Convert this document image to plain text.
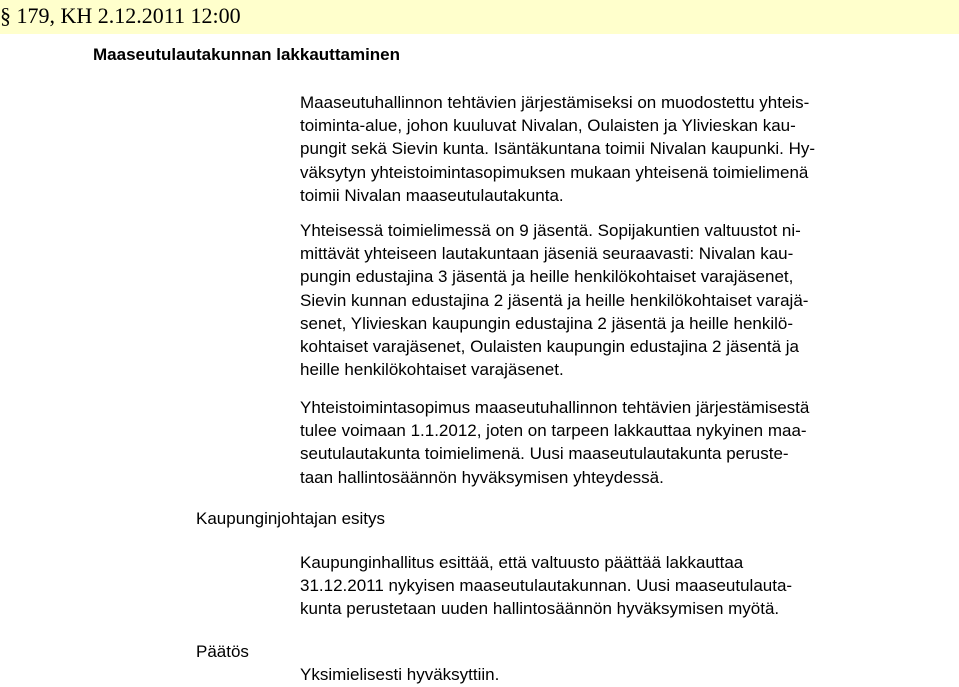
§ 179, KH 2.12.2011 12:00
Maaseutulautakunnan lakkauttaminen

Maaseutuhallinnon tehtävien järjestämiseksi on muodostettu yhteis-
toiminta-alue, johon kuuluvat Nivalan, Oulaisten ja Ylivieskan kau-
pungit sekä Sievin kunta. Isäntäkuntana toimii Nivalan kaupunki. Hy-
väksytyn yhteistoimintasopimuksen mukaan yhteisenä toimielimenä
toimii Nivalan maaseutulautakunta.

Yhteisessä toimielimessä on 9 jäsentä. Sopijakuntien valtuustot ni-
mittävät yhteiseen lautakuntaan jäseniä seuraavasti: Nivalan kau-
pungin edustajina 3 jäsentä ja heille henkilökohtaiset varajäsenet,
Sievin kunnan edustajina 2 jäsentä ja heille henkilökohtaiset varajä-
senet, Ylivieskan kaupungin edustajina 2 jäsentä ja heille henkilö-
kohtaiset varajäsenet, Oulaisten kaupungin edustajina 2 jäsentä ja
heille henkilökohtaiset varajäsenet.

Yhteistoimintasopimus maaseutuhallinnon tehtävien järjestämisestä
tulee voimaan 1.1.2012, joten on tarpeen lakkauttaa nykyinen maa-
seutulautakunta toimielimenä. Uusi maaseutulautakunta peruste-
taan hallintosäännön hyväksymisen yhteydessä.

Kaupunginjohtajan esitys

Kaupunginhallitus esittää, että valtuusto päättää lakkauttaa
31.12.2011 nykyisen maaseutulautakunnan. Uusi maaseutulauta-
kunta perustetaan uuden hallintosäännön hyväksymisen myötä.

Päätös

Yksimielisesti hyväksyttiin.
